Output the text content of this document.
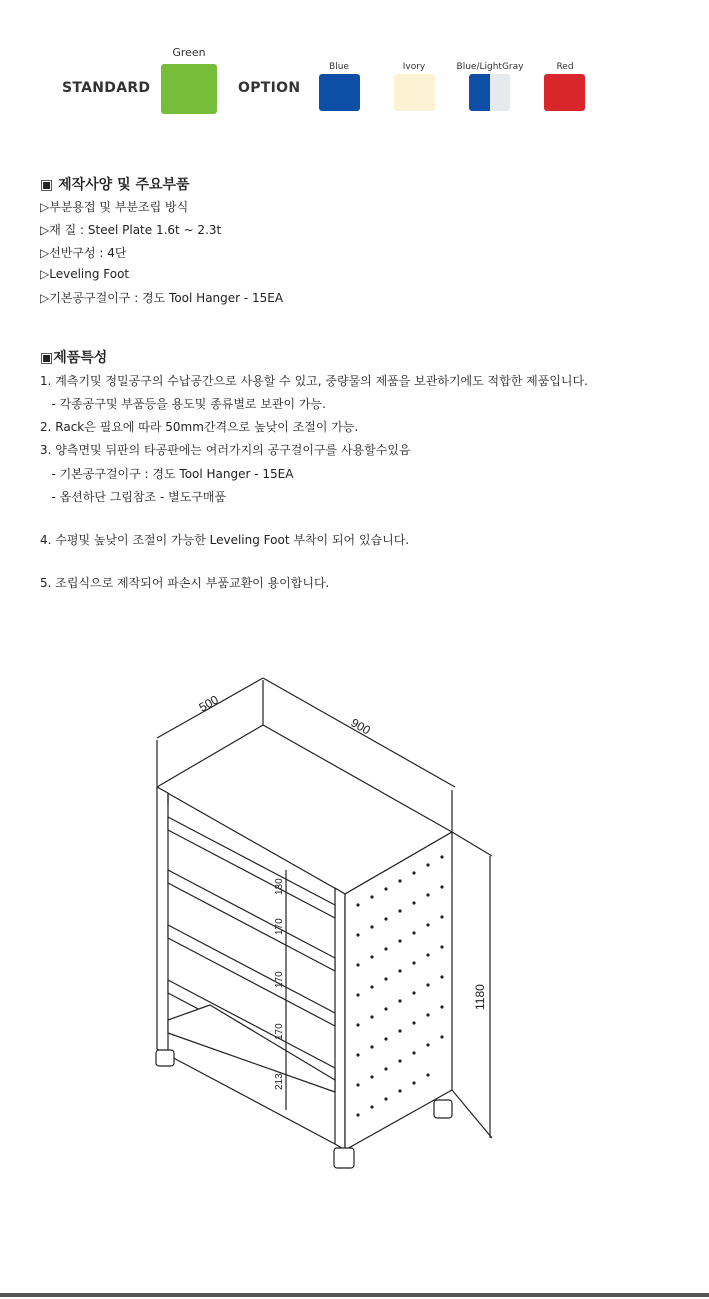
STANDARD
Green
OPTION
Blue	Ivory	Blue/LightGray	Red
▣ 제작사양 및 주요부품
▷부분용접 및 부분조립 방식
▷재 질 : Steel Plate 1.6t ~ 2.3t
▷선반구성 : 4단
▷Leveling Foot
▷기본공구걸이구 : 경도 Tool Hanger - 15EA
▣제품특성
1. 계측기및 정밀공구의 수납공간으로 사용할 수 있고, 중량물의 제품을 보관하기에도 적합한 제품입니다.
- 각종공구및 부품등을 용도및 종류별로 보관이 가능.
2. Rack은 필요에 따라 50mm간격으로 높낮이 조절이 가능.
3. 양측면및 뒤판의 타공판에는 여러가지의 공구걸이구를 사용할수있음
- 기본공구걸이구 : 경도 Tool Hanger - 15EA
- 옵션하단 그림참조 - 별도구매품
4. 수평및 높낮이 조절이 가능한 Leveling Foot 부착이 되어 있습니다.
5. 조립식으로 제작되어 파손시 부품교환이 용이합니다.
500
900
1180
130
170
170
170
213
